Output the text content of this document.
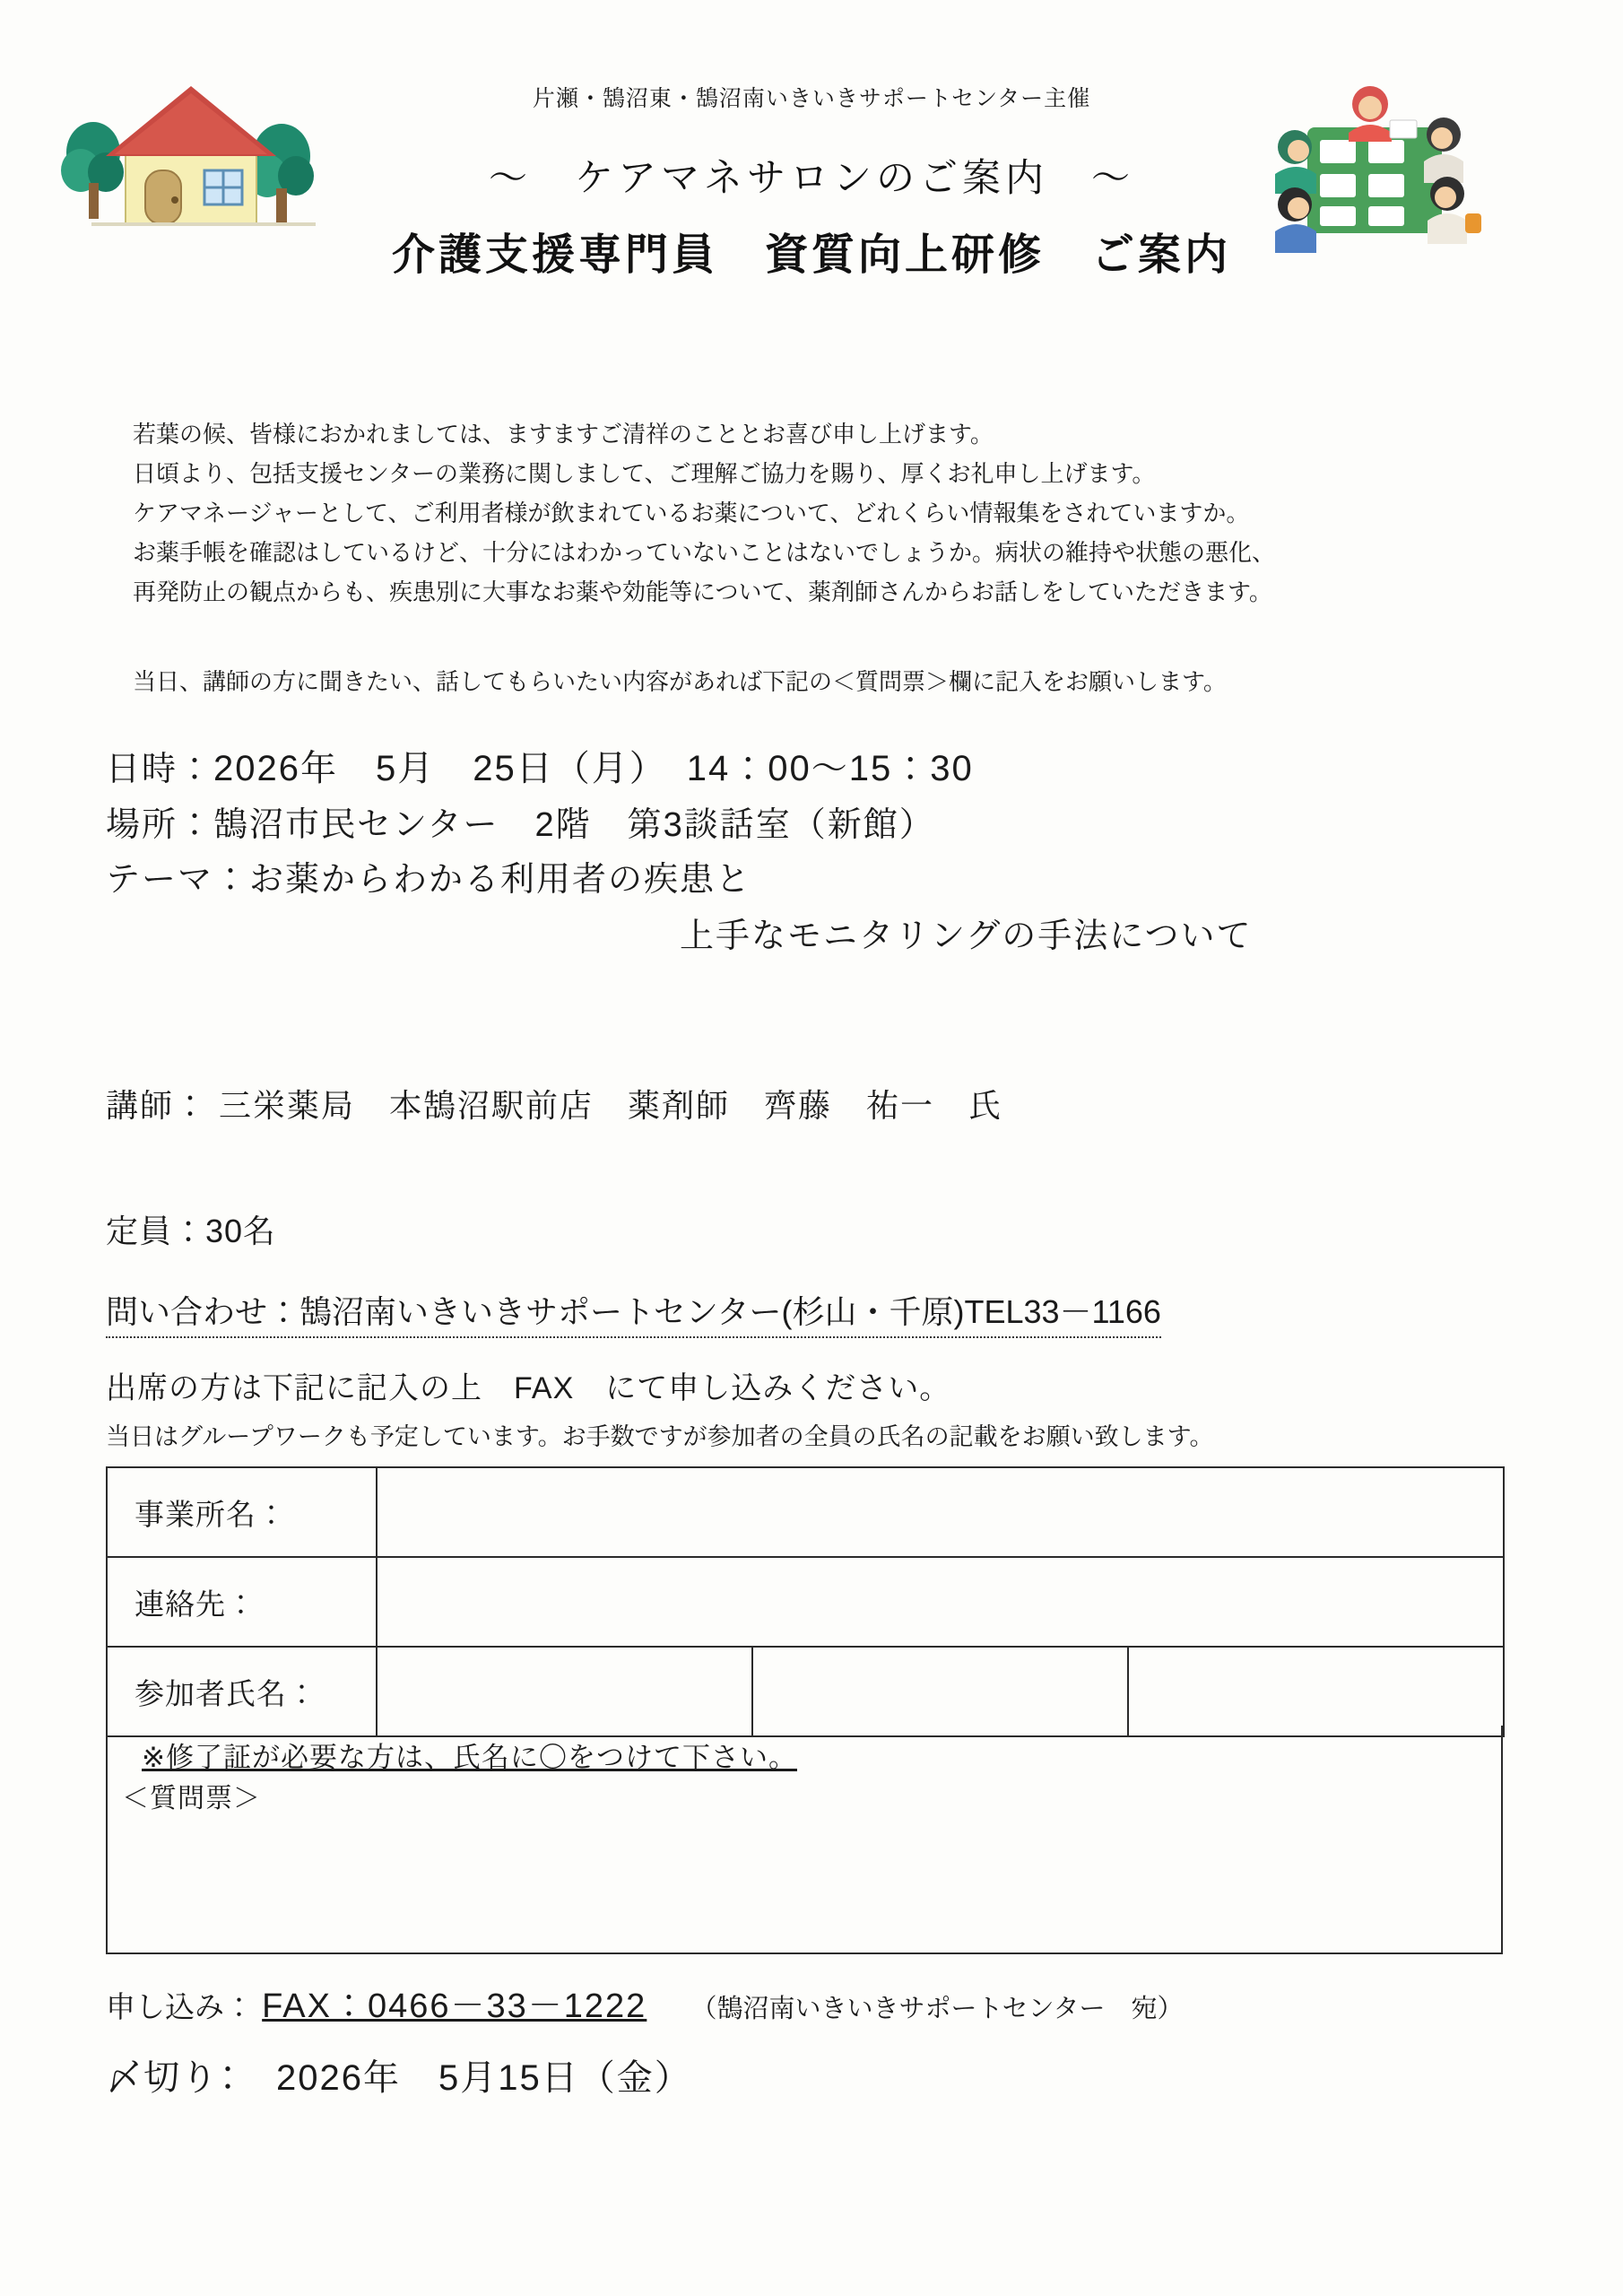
片瀬・鵠沼東・鵠沼南いきいきサポートセンター主催
～　ケアマネサロンのご案内　～
介護支援専門員　資質向上研修　ご案内
若葉の候、皆様におかれましては、ますますご清祥のこととお喜び申し上げます。
日頃より、包括支援センターの業務に関しまして、ご理解ご協力を賜り、厚くお礼申し上げます。
ケアマネージャーとして、ご利用者様が飲まれているお薬について、どれくらい情報集をされていますか。
お薬手帳を確認はしているけど、十分にはわかっていないことはないでしょうか。病状の維持や状態の悪化、
再発防止の観点からも、疾患別に大事なお薬や効能等について、薬剤師さんからお話しをしていただきます。
当日、講師の方に聞きたい、話してもらいたい内容があれば下記の＜質問票＞欄に記入をお願いします。
日時： 2026年　5月　25日（月）　14：00～15：30
場所： 鵠沼市民センター　2階　第3談話室（新館）
テーマ： お薬からわかる利用者の疾患と
上手なモニタリングの手法について
講師： 三栄薬局　本鵠沼駅前店　薬剤師　齊藤　祐一　氏
定員：30名
問い合わせ：鵠沼南いきいきサポートセンター(杉山・千原)TEL33－1166
出席の方は下記に記入の上　FAX　にて申し込みください。
当日はグループワークも予定しています。お手数ですが参加者の全員の氏名の記載をお願い致します。
事業所名：			
連絡先：			
参加者氏名：			
※修了証が必要な方は、氏名に〇をつけて下さい。
＜質問票＞
申し込み： FAX：0466－33－1222 （鵠沼南いきいきサポートセンター　宛）
〆切り：　2026年　5月15日（金）
